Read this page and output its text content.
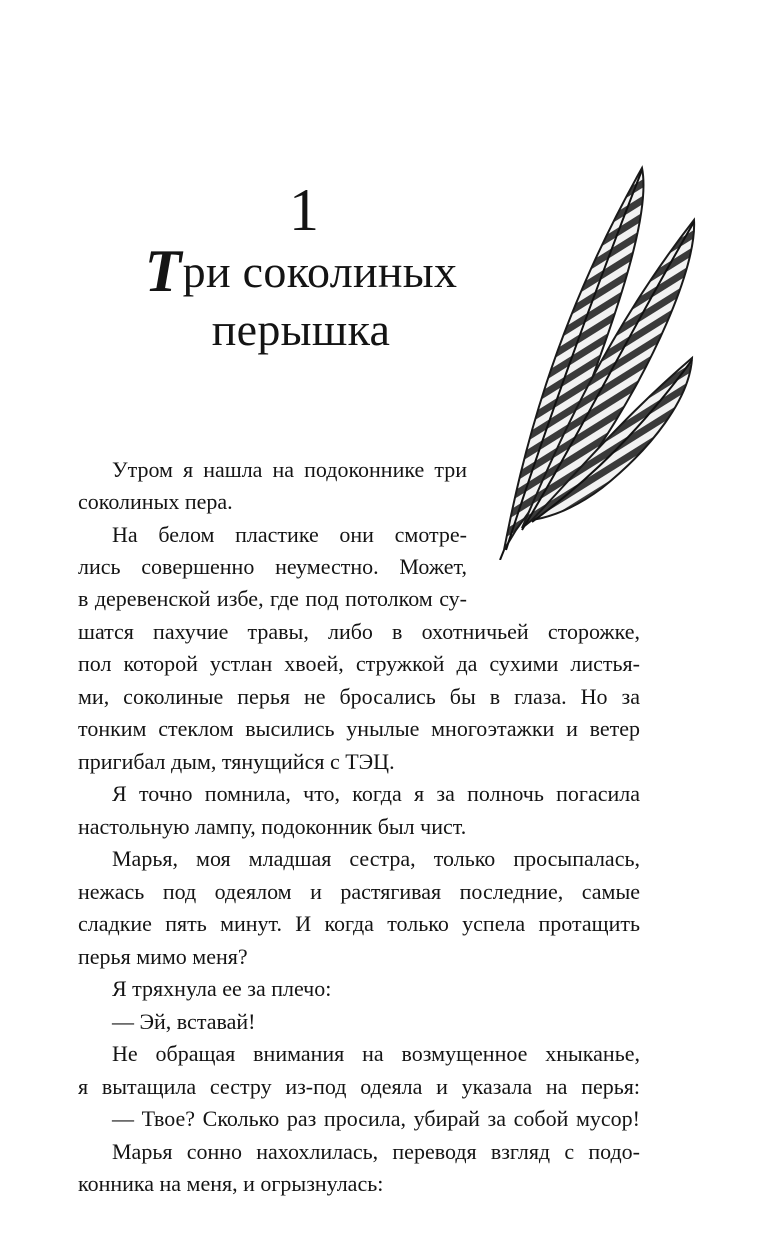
1
Три соколиных
перышка
Утром я нашла на подоконнике три
соколиных пера.
На белом пластике они смотре-
лись совершенно неуместно. Может,
в деревенской избе, где под потолком су-
шатся пахучие травы, либо в охотничьей сторожке,
пол которой устлан хвоей, стружкой да сухими листья-
ми, соколиные перья не бросались бы в глаза. Но за
тонким стеклом высились унылые многоэтажки и ветер
пригибал дым, тянущийся с ТЭЦ.
Я точно помнила, что, когда я за полночь погасила
настольную лампу, подоконник был чист.
Марья, моя младшая сестра, только просыпалась,
нежась под одеялом и растягивая последние, самые
сладкие пять минут. И когда только успела протащить
перья мимо меня?
Я тряхнула ее за плечо:
— Эй, вставай!
Не обращая внимания на возмущенное хныканье,
я вытащила сестру из-под одеяла и указала на перья:
— Твое? Сколько раз просила, убирай за собой мусор!
Марья сонно нахохлилась, переводя взгляд с подо-
конника на меня, и огрызнулась:
